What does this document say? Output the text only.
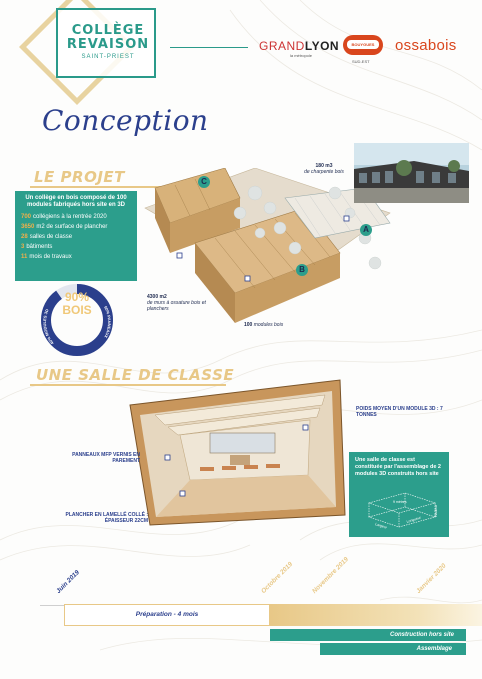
COLLÈGE
REVAISON
SAINT-PRIEST
GRANDLYON
la métropole
BOUYGUES
SUD-EST
ossabois
Conception
LE PROJET	C
B
A
Un collège en bois composé de 100 modules fabriqués hors site en 3D
700 collégiens à la rentrée 2020
3650 m2 de surface de plancher
28 salles de classe
3 bâtiments
11 mois de travaux
40% MODULES 3D
60% PANNEAUX
90%
BOIS
180 m3
de charpente bois
4300 m2
de murs à ossature bois et planchers
100 modules bois
UNE SALLE DE CLASSE
POIDS MOYEN D'UN MODULE 3D : 7 TONNES
PANNEAUX MFP VERNIS EN PAREMENT
PLANCHER EN LAMELLÉ COLLÉ : ÉPAISSEUR 22CM
Une salle de classe est constituée par l'assemblage de 2 modules 3D construits hors site
9 mètres
Longueur
Largeur
Hauteur
Juin 2019	Octobre 2019	Novembre 2019	Janvier 2020
Préparation - 4 mois
Construction hors site
Assemblage
